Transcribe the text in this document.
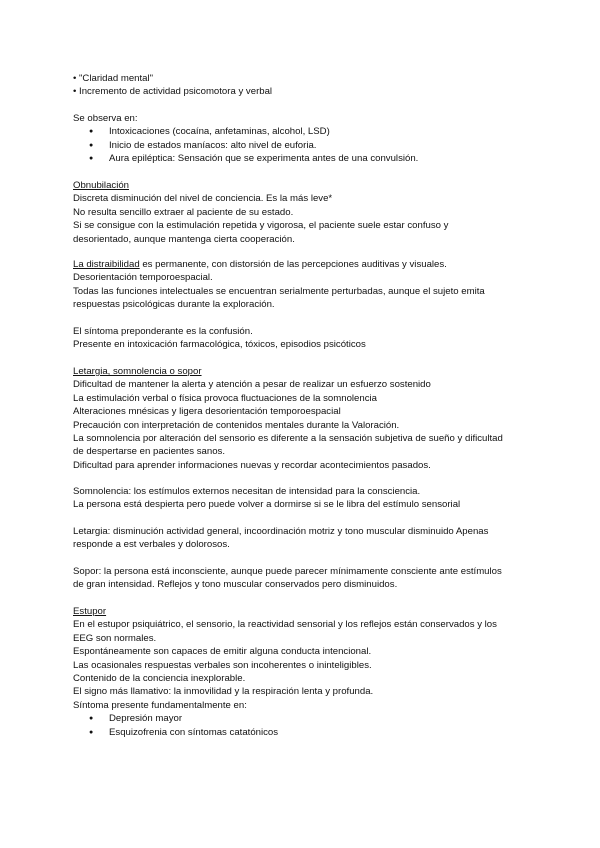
• "Claridad mental"
• Incremento de actividad psicomotora y verbal
Se observa en:
● Intoxicaciones (cocaína, anfetaminas, alcohol, LSD)
● Inicio de estados maníacos: alto nivel de euforia.
● Aura epiléptica: Sensación que se experimenta antes de una convulsión.
Obnubilación
Discreta disminución del nivel de conciencia. Es la más leve*
No resulta sencillo extraer al paciente de su estado.
Si se consigue con la estimulación repetida y vigorosa, el paciente suele estar confuso y
desorientado, aunque mantenga cierta cooperación.
La distraibilidad es permanente, con distorsión de las percepciones auditivas y visuales.
Desorientación temporoespacial.
Todas las funciones intelectuales se encuentran serialmente perturbadas, aunque el sujeto emita
respuestas psicológicas durante la exploración.
El síntoma preponderante es la confusión.
Presente en intoxicación farmacológica, tóxicos, episodios psicóticos
Letargia, somnolencia o sopor
Dificultad de mantener la alerta y atención a pesar de realizar un esfuerzo sostenido
La estimulación verbal o física provoca fluctuaciones de la somnolencia
Alteraciones mnésicas y ligera desorientación temporoespacial
Precaución con interpretación de contenidos mentales durante la Valoración.
La somnolencia por alteración del sensorio es diferente a la sensación subjetiva de sueño y dificultad
de despertarse en pacientes sanos.
Dificultad para aprender informaciones nuevas y recordar acontecimientos pasados.
Somnolencia: los estímulos externos necesitan de intensidad para la consciencia.
La persona está despierta pero puede volver a dormirse si se le libra del estímulo sensorial
Letargia: disminución actividad general, incoordinación motriz y tono muscular disminuido Apenas
responde a est verbales y dolorosos.
Sopor: la persona está inconsciente, aunque puede parecer mínimamente consciente ante estímulos
de gran intensidad. Reflejos y tono muscular conservados pero disminuidos.
Estupor
En el estupor psiquiátrico, el sensorio, la reactividad sensorial y los reflejos están conservados y los
EEG son normales.
Espontáneamente son capaces de emitir alguna conducta intencional.
Las ocasionales respuestas verbales son incoherentes o ininteligibles.
Contenido de la conciencia inexplorable.
El signo más llamativo: la inmovilidad y la respiración lenta y profunda.
Síntoma presente fundamentalmente en:
● Depresión mayor
● Esquizofrenia con síntomas catatónicos
